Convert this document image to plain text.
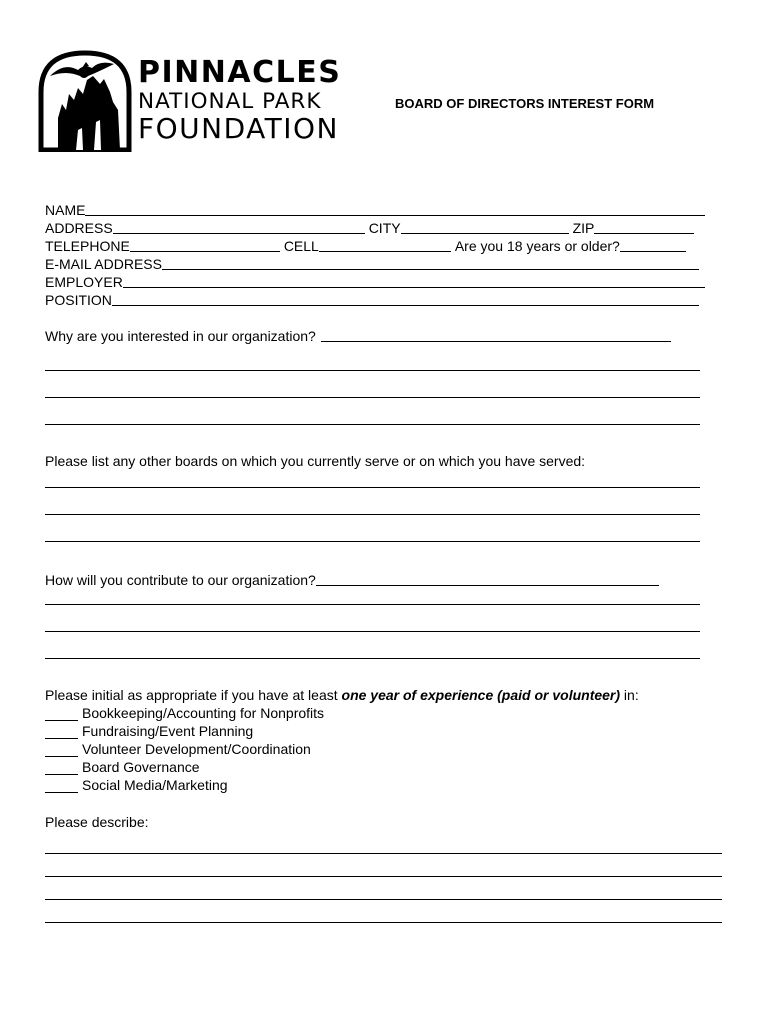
PINNACLES
NATIONAL PARK
FOUNDATION
BOARD OF DIRECTORS INTEREST FORM
NAME
ADDRESS	CITY	ZIP
TELEPHONE	CELL	Are you 18 years or older?
E-MAIL ADDRESS
EMPLOYER
POSITION
Why are you interested in our organization?
Please list any other boards on which you currently serve or on which you have served:
How will you contribute to our organization?
Please initial as appropriate if you have at least one year of experience (paid or volunteer) in:
Bookkeeping/Accounting for Nonprofits
Fundraising/Event Planning
Volunteer Development/Coordination
Board Governance
Social Media/Marketing
Please describe:
